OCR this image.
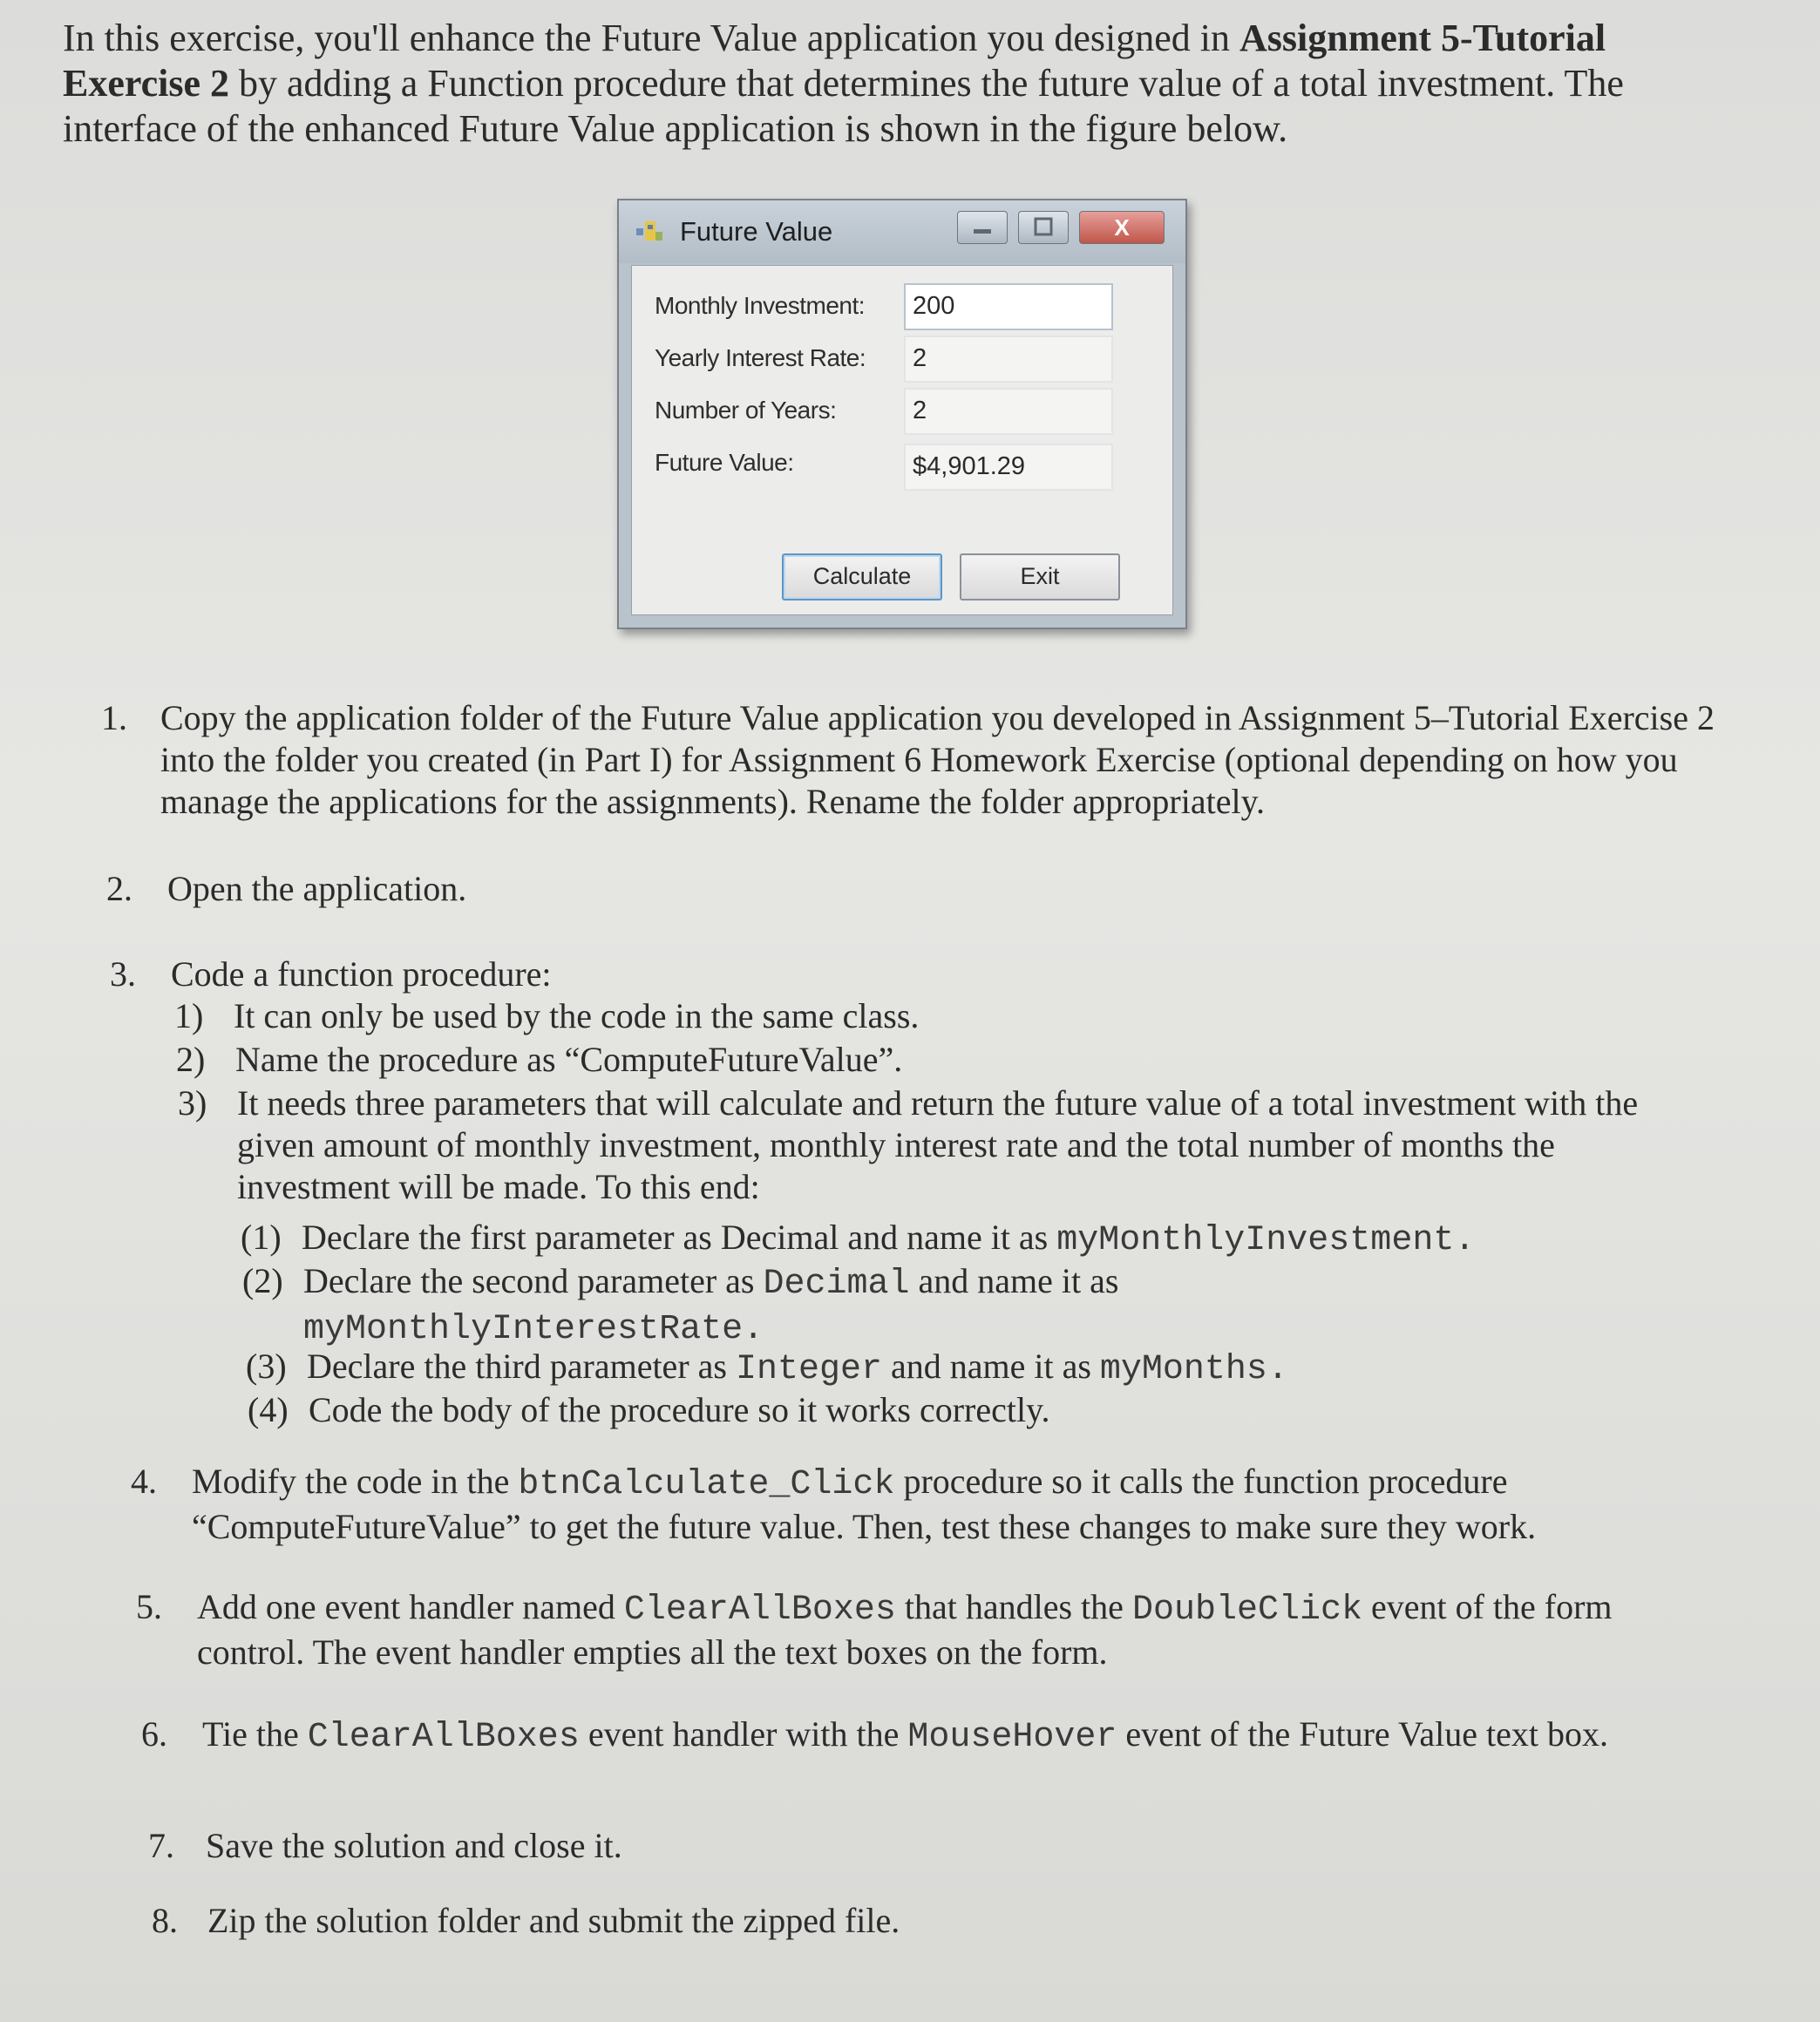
In this exercise, you'll enhance the Future Value application you designed in Assignment 5-Tutorial Exercise 2 by adding a Function procedure that determines the future value of a total investment. The interface of the enhanced Future Value application is shown in the figure below.
Future Value	X
Monthly Investment: 200
Yearly Interest Rate: 2
Number of Years:	2
Future Value:	$4,901.29
Calculate	Exit
1. Copy the application folder of the Future Value application you developed in Assignment 5–Tutorial Exercise 2 into the folder you created (in Part I) for Assignment 6 Homework Exercise (optional depending on how you manage the applications for the assignments). Rename the folder appropriately.
2. Open the application.
3. Code a function procedure:
1) It can only be used by the code in the same class.
2) Name the procedure as “ComputeFutureValue”.
3) It needs three parameters that will calculate and return the future value of a total investment with the given amount of monthly investment, monthly interest rate and the total number of months the investment will be made. To this end:
(1) Declare the first parameter as Decimal and name it as myMonthlyInvestment.
(2) Declare the second parameter as Decimal and name it as
myMonthlyInterestRate.
(3) Declare the third parameter as Integer and name it as myMonths.
(4) Code the body of the procedure so it works correctly.
4. Modify the code in the btnCalculate_Click procedure so it calls the function procedure “ComputeFutureValue” to get the future value. Then, test these changes to make sure they work.
5. Add one event handler named ClearAllBoxes that handles the DoubleClick event of the form control. The event handler empties all the text boxes on the form.
6. Tie the ClearAllBoxes event handler with the MouseHover event of the Future Value text box.
7. Save the solution and close it.
8. Zip the solution folder and submit the zipped file.
